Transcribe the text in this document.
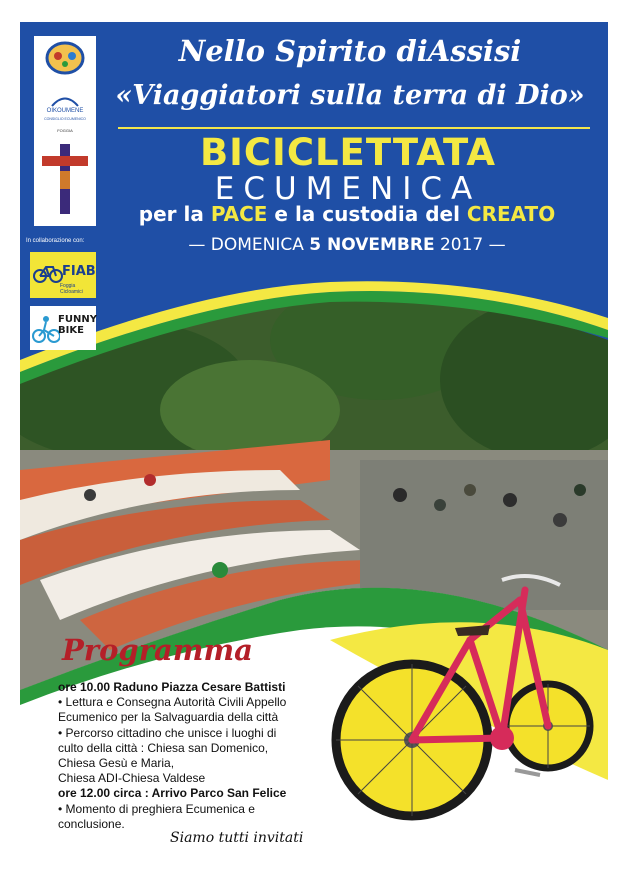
OIKOUMENE
CONSIGLIO ECUMENICO
FOGGIA
In collaborazione con:
FIAB
Foggia Cicloamici
FUNNY
BIKE
Nello Spirito diAssisi
«Viaggiatori sulla terra di Dio»
BICICLETTATA
ECUMENICA
per la PACE e la custodia del CREATO
— DOMENICA 5 NOVEMBRE 2017 —
Programma
ore 10.00 Raduno Piazza Cesare Battisti
• Lettura e Consegna Autorità Civili Appello
Ecumenico per la Salvaguardia della città
• Percorso cittadino che unisce i luoghi di
culto della città : Chiesa san Domenico,
Chiesa Gesù e Maria,
Chiesa ADI-Chiesa Valdese
ore 12.00 circa : Arrivo Parco San Felice
• Momento di preghiera Ecumenica e
conclusione.
Siamo tutti invitati
